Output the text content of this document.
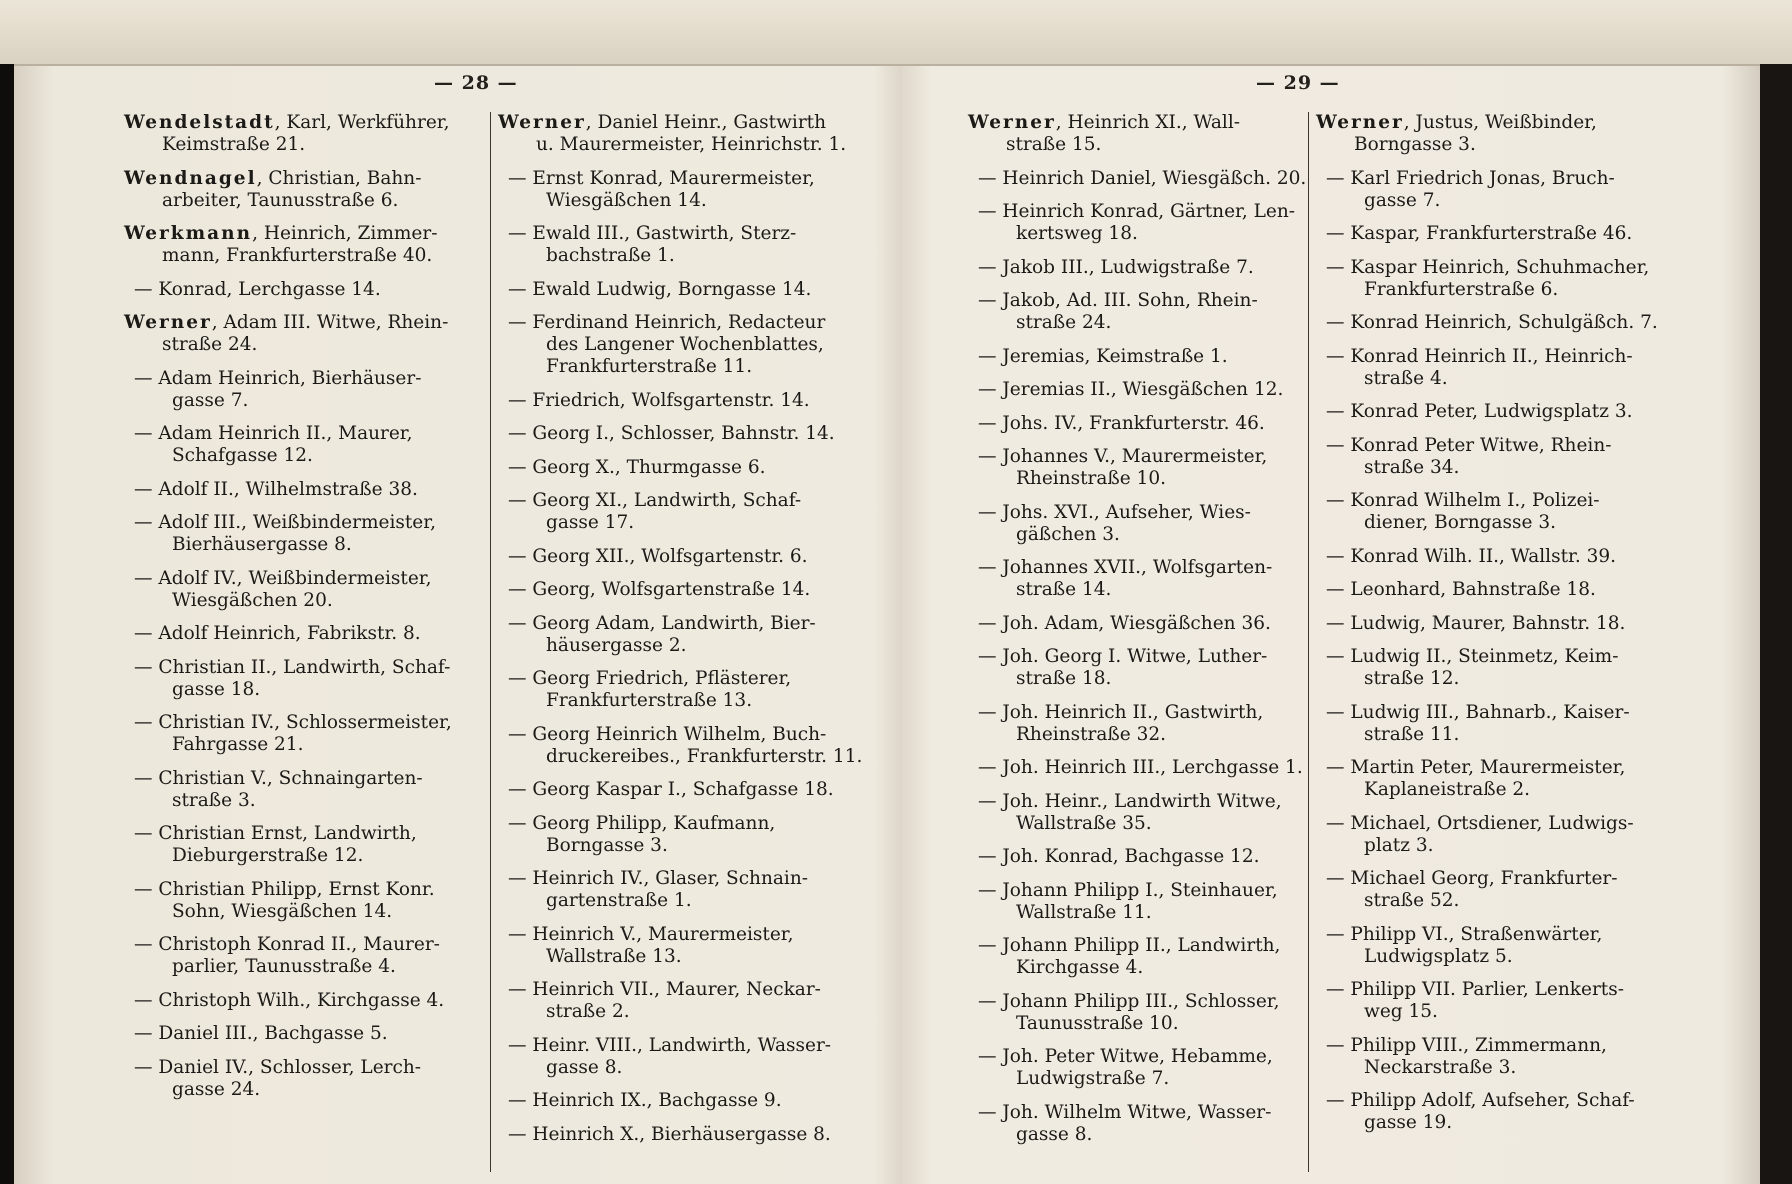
— 28 —
Wendelstadt, Karl, Werkführer,
Keimstraße 21.
Wendnagel, Christian, Bahn-
arbeiter, Taunusstraße 6.
Werkmann, Heinrich, Zimmer-
mann, Frankfurterstraße 40.
— Konrad, Lerchgasse 14.
Werner, Adam III. Witwe, Rhein-
straße 24.
— Adam Heinrich, Bierhäuser-
gasse 7.
— Adam Heinrich II., Maurer,
Schafgasse 12.
— Adolf II., Wilhelmstraße 38.
— Adolf III., Weißbindermeister,
Bierhäusergasse 8.
— Adolf IV., Weißbindermeister,
Wiesgäßchen 20.
— Adolf Heinrich, Fabrikstr. 8.
— Christian II., Landwirth, Schaf-
gasse 18.
— Christian IV., Schlossermeister,
Fahrgasse 21.
— Christian V., Schnaingarten-
straße 3.
— Christian Ernst, Landwirth,
Dieburgerstraße 12.
— Christian Philipp, Ernst Konr.
Sohn, Wiesgäßchen 14.
— Christoph Konrad II., Maurer-
parlier, Taunusstraße 4.
— Christoph Wilh., Kirchgasse 4.
— Daniel III., Bachgasse 5.
— Daniel IV., Schlosser, Lerch-
gasse 24.
Werner, Daniel Heinr., Gastwirth
u. Maurermeister, Heinrichstr. 1.
— Ernst Konrad, Maurermeister,
Wiesgäßchen 14.
— Ewald III., Gastwirth, Sterz-
bachstraße 1.
— Ewald Ludwig, Borngasse 14.
— Ferdinand Heinrich, Redacteur
des Langener Wochenblattes,
Frankfurterstraße 11.
— Friedrich, Wolfsgartenstr. 14.
— Georg I., Schlosser, Bahnstr. 14.
— Georg X., Thurmgasse 6.
— Georg XI., Landwirth, Schaf-
gasse 17.
— Georg XII., Wolfsgartenstr. 6.
— Georg, Wolfsgartenstraße 14.
— Georg Adam, Landwirth, Bier-
häusergasse 2.
— Georg Friedrich, Pflästerer,
Frankfurterstraße 13.
— Georg Heinrich Wilhelm, Buch-
druckereibes., Frankfurterstr. 11.
— Georg Kaspar I., Schafgasse 18.
— Georg Philipp, Kaufmann,
Borngasse 3.
— Heinrich IV., Glaser, Schnain-
gartenstraße 1.
— Heinrich V., Maurermeister,
Wallstraße 13.
— Heinrich VII., Maurer, Neckar-
straße 2.
— Heinr. VIII., Landwirth, Wasser-
gasse 8.
— Heinrich IX., Bachgasse 9.
— Heinrich X., Bierhäusergasse 8.
— 29 —
Werner, Heinrich XI., Wall-
straße 15.
— Heinrich Daniel, Wiesgäßch. 20.
— Heinrich Konrad, Gärtner, Len-
kertsweg 18.
— Jakob III., Ludwigstraße 7.
— Jakob, Ad. III. Sohn, Rhein-
straße 24.
— Jeremias, Keimstraße 1.
— Jeremias II., Wiesgäßchen 12.
— Johs. IV., Frankfurterstr. 46.
— Johannes V., Maurermeister,
Rheinstraße 10.
— Johs. XVI., Aufseher, Wies-
gäßchen 3.
— Johannes XVII., Wolfsgarten-
straße 14.
— Joh. Adam, Wiesgäßchen 36.
— Joh. Georg I. Witwe, Luther-
straße 18.
— Joh. Heinrich II., Gastwirth,
Rheinstraße 32.
— Joh. Heinrich III., Lerchgasse 1.
— Joh. Heinr., Landwirth Witwe,
Wallstraße 35.
— Joh. Konrad, Bachgasse 12.
— Johann Philipp I., Steinhauer,
Wallstraße 11.
— Johann Philipp II., Landwirth,
Kirchgasse 4.
— Johann Philipp III., Schlosser,
Taunusstraße 10.
— Joh. Peter Witwe, Hebamme,
Ludwigstraße 7.
— Joh. Wilhelm Witwe, Wasser-
gasse 8.
Werner, Justus, Weißbinder,
Borngasse 3.
— Karl Friedrich Jonas, Bruch-
gasse 7.
— Kaspar, Frankfurterstraße 46.
— Kaspar Heinrich, Schuhmacher,
Frankfurterstraße 6.
— Konrad Heinrich, Schulgäßch. 7.
— Konrad Heinrich II., Heinrich-
straße 4.
— Konrad Peter, Ludwigsplatz 3.
— Konrad Peter Witwe, Rhein-
straße 34.
— Konrad Wilhelm I., Polizei-
diener, Borngasse 3.
— Konrad Wilh. II., Wallstr. 39.
— Leonhard, Bahnstraße 18.
— Ludwig, Maurer, Bahnstr. 18.
— Ludwig II., Steinmetz, Keim-
straße 12.
— Ludwig III., Bahnarb., Kaiser-
straße 11.
— Martin Peter, Maurermeister,
Kaplaneistraße 2.
— Michael, Ortsdiener, Ludwigs-
platz 3.
— Michael Georg, Frankfurter-
straße 52.
— Philipp VI., Straßenwärter,
Ludwigsplatz 5.
— Philipp VII. Parlier, Lenkerts-
weg 15.
— Philipp VIII., Zimmermann,
Neckarstraße 3.
— Philipp Adolf, Aufseher, Schaf-
gasse 19.
